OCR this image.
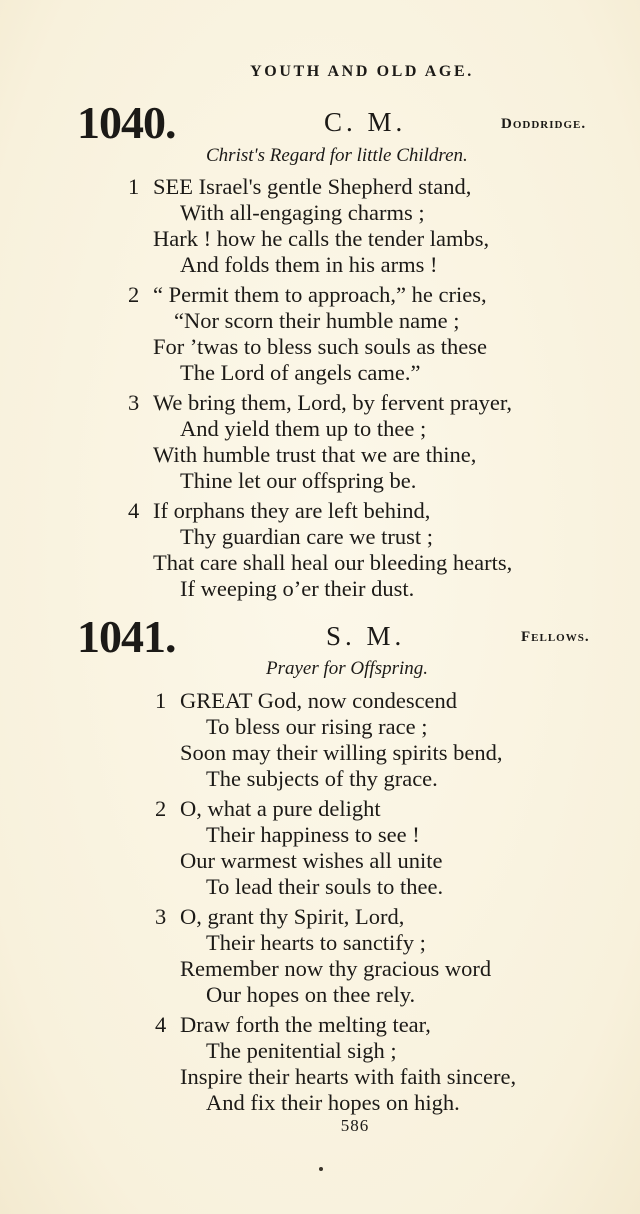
YOUTH AND OLD AGE.
1040.	C. M.	Doddridge.
Christ's Regard for little Children.
1 SEE Israel's gentle Shepherd stand,
With all-engaging charms ;
Hark ! how he calls the tender lambs,
And folds them in his arms !
2 “ Permit them to approach,” he cries,
“Nor scorn their humble name ;
For ’twas to bless such souls as these
The Lord of angels came.”
3 We bring them, Lord, by fervent prayer,
And yield them up to thee ;
With humble trust that we are thine,
Thine let our offspring be.
4 If orphans they are left behind,
Thy guardian care we trust ;
That care shall heal our bleeding hearts,
If weeping o’er their dust.
1041.	S. M.	Fellows.
Prayer for Offspring.
1 GREAT God, now condescend
To bless our rising race ;
Soon may their willing spirits bend,
The subjects of thy grace.
2 O, what a pure delight
Their happiness to see !
Our warmest wishes all unite
To lead their souls to thee.
3 O, grant thy Spirit, Lord,
Their hearts to sanctify ;
Remember now thy gracious word
Our hopes on thee rely.
4 Draw forth the melting tear,
The penitential sigh ;
Inspire their hearts with faith sincere,
And fix their hopes on high.
586
